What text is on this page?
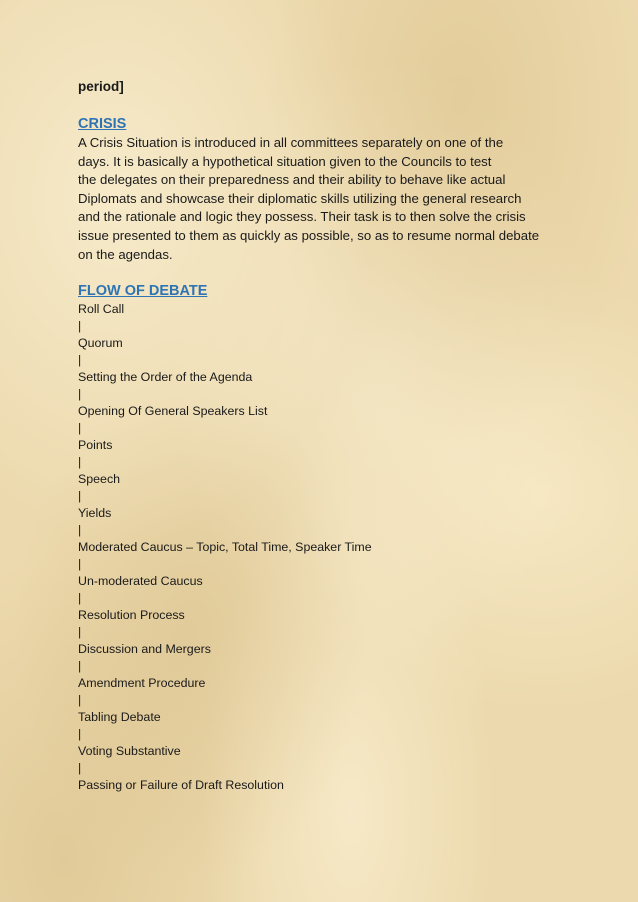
period]

CRISIS

A Crisis Situation is introduced in all committees separately on one of the
days. It is basically a hypothetical situation given to the Councils to test
the delegates on their preparedness and their ability to behave like actual
Diplomats and showcase their diplomatic skills utilizing the general research
and the rationale and logic they possess. Their task is to then solve the crisis
issue presented to them as quickly as possible, so as to resume normal debate
on the agendas.

FLOW OF DEBATE
Roll Call
|
Quorum
|
Setting the Order of the Agenda
|
Opening Of General Speakers List
|
Points
|
Speech
|
Yields
|
Moderated Caucus – Topic, Total Time, Speaker Time
|
Un-moderated Caucus
|
Resolution Process
|
Discussion and Mergers
|
Amendment Procedure
|
Tabling Debate
|
Voting Substantive
|
Passing or Failure of Draft Resolution
